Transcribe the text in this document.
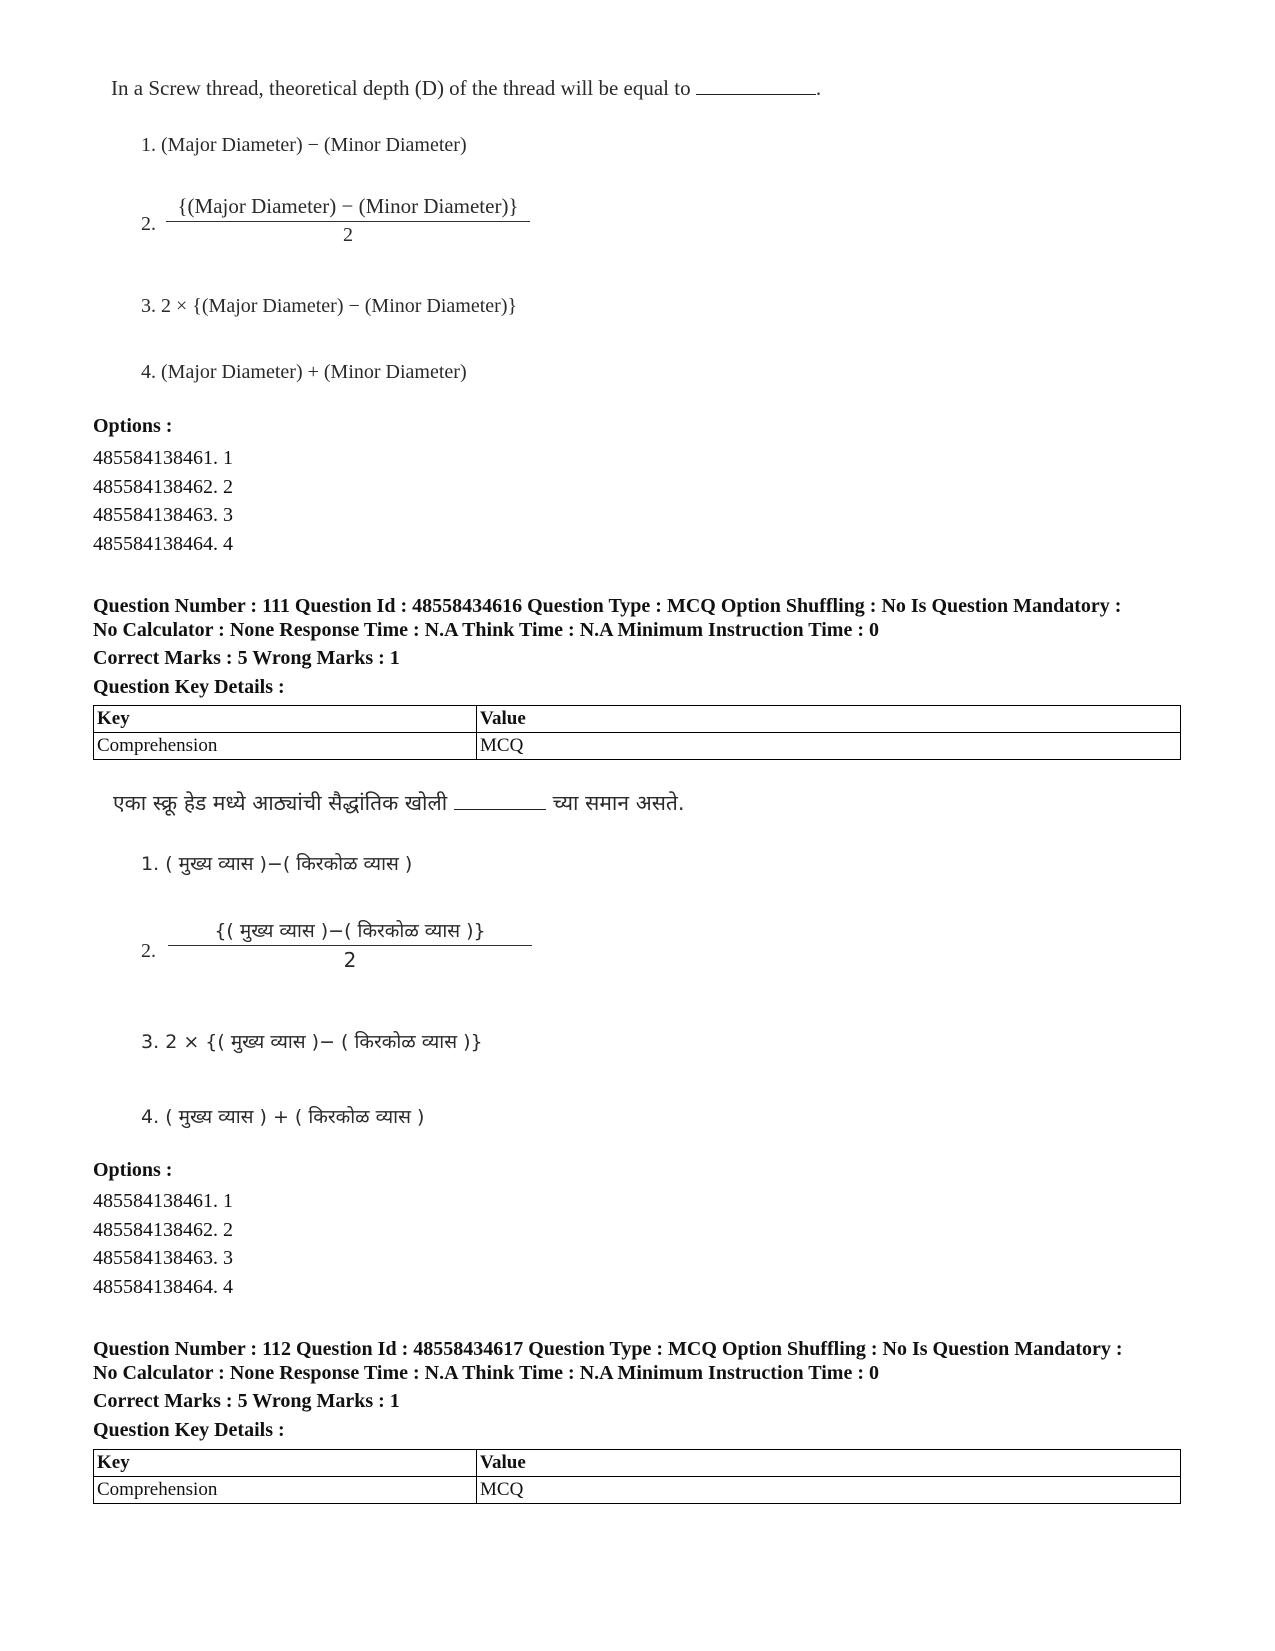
In a Screw thread, theoretical depth (D) of the thread will be equal to	.
1. (Major Diameter) − (Minor Diameter)
2.
{(Major Diameter) − (Minor Diameter)}
2
3. 2 × {(Major Diameter) − (Minor Diameter)}
4. (Major Diameter) + (Minor Diameter)
Options :
485584138461. 1
485584138462. 2
485584138463. 3
485584138464. 4
Question Number : 111 Question Id : 48558434616 Question Type : MCQ Option Shuffling : No Is Question Mandatory :
No Calculator : None Response Time : N.A Think Time : N.A Minimum Instruction Time : 0
Correct Marks : 5 Wrong Marks : 1
Question Key Details :
Key	Value
Comprehension	MCQ
एका स्क्रू हेड मध्ये आठ्यांची सैद्धांतिक खोली	च्या समान असते.
1. ( मुख्य व्यास )−( किरकोळ व्यास )
2.
{( मुख्य व्यास )−( किरकोळ व्यास )}
2
3. 2 × {( मुख्य व्यास )− ( किरकोळ व्यास )}
4. ( मुख्य व्यास ) + ( किरकोळ व्यास )
Options :
485584138461. 1
485584138462. 2
485584138463. 3
485584138464. 4
Question Number : 112 Question Id : 48558434617 Question Type : MCQ Option Shuffling : No Is Question Mandatory :
No Calculator : None Response Time : N.A Think Time : N.A Minimum Instruction Time : 0
Correct Marks : 5 Wrong Marks : 1
Question Key Details :
Key	Value
Comprehension	MCQ
